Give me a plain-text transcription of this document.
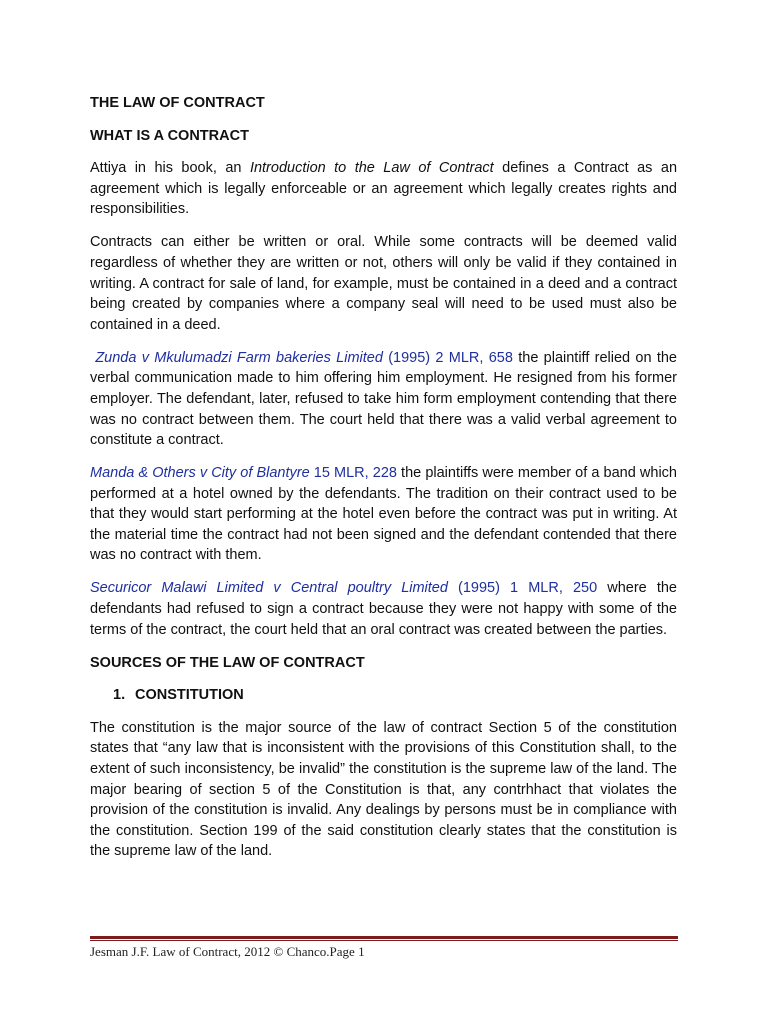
THE LAW OF CONTRACT
WHAT IS A CONTRACT

Attiya in his book, an Introduction to the Law of Contract defines a Contract as an agreement which is legally enforceable or an agreement which legally creates rights and responsibilities.

Contracts can either be written or oral. While some contracts will be deemed valid regardless of whether they are written or not, others will only be valid if they contained in writing. A contract for sale of land, for example, must be contained in a deed and a contract being created by companies where a company seal will need to be used must also be contained in a deed.

Zunda v Mkulumadzi Farm bakeries Limited (1995) 2 MLR, 658 the plaintiff relied on the verbal communication made to him offering him employment. He resigned from his former employer. The defendant, later, refused to take him form employment contending that there was no contract between them. The court held that there was a valid verbal agreement to constitute a contract.

Manda & Others v City of Blantyre 15 MLR, 228 the plaintiffs were member of a band which performed at a hotel owned by the defendants. The tradition on their contract used to be that they would start performing at the hotel even before the contract was put in writing. At the material time the contract had not been signed and the defendant contended that there was no contract with them.

Securicor Malawi Limited v Central poultry Limited (1995) 1 MLR, 250 where the defendants had refused to sign a contract because they were not happy with some of the terms of the contract, the court held that an oral contract was created between the parties.

SOURCES OF THE LAW OF CONTRACT
1. CONSTITUTION

The constitution is the major source of the law of contract Section 5 of the constitution states that “any law that is inconsistent with the provisions of this Constitution shall, to the extent of such inconsistency, be invalid” the constitution is the supreme law of the land. The major bearing of section 5 of the Constitution is that, any contrhhact that violates the provision of the constitution is invalid. Any dealings by persons must be in compliance with the constitution. Section 199 of the said constitution clearly states that the constitution is the supreme law of the land.

Jesman J.F. Law of Contract, 2012 © Chanco.Page 1
